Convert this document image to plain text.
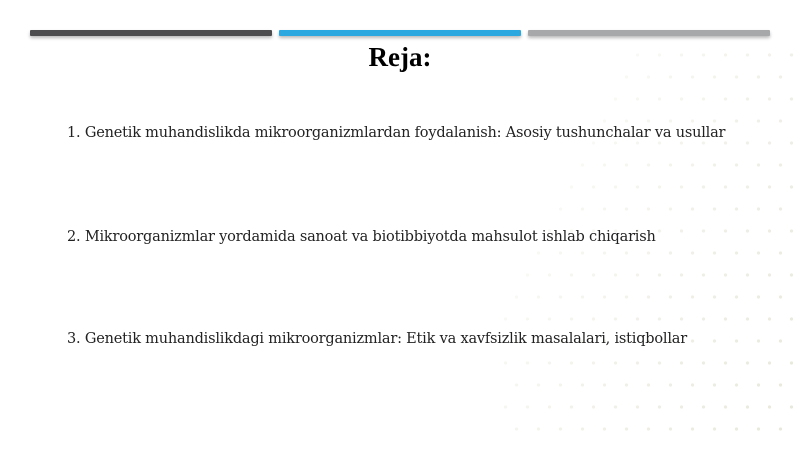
Reja:
1. Genetik muhandislikda mikroorganizmlardan foydalanish: Asosiy tushunchalar va usullar
2. Mikroorganizmlar yordamida sanoat va biotibbiyotda mahsulot ishlab chiqarish
3. Genetik muhandislikdagi mikroorganizmlar: Etik va xavfsizlik masalalari, istiqbollar
